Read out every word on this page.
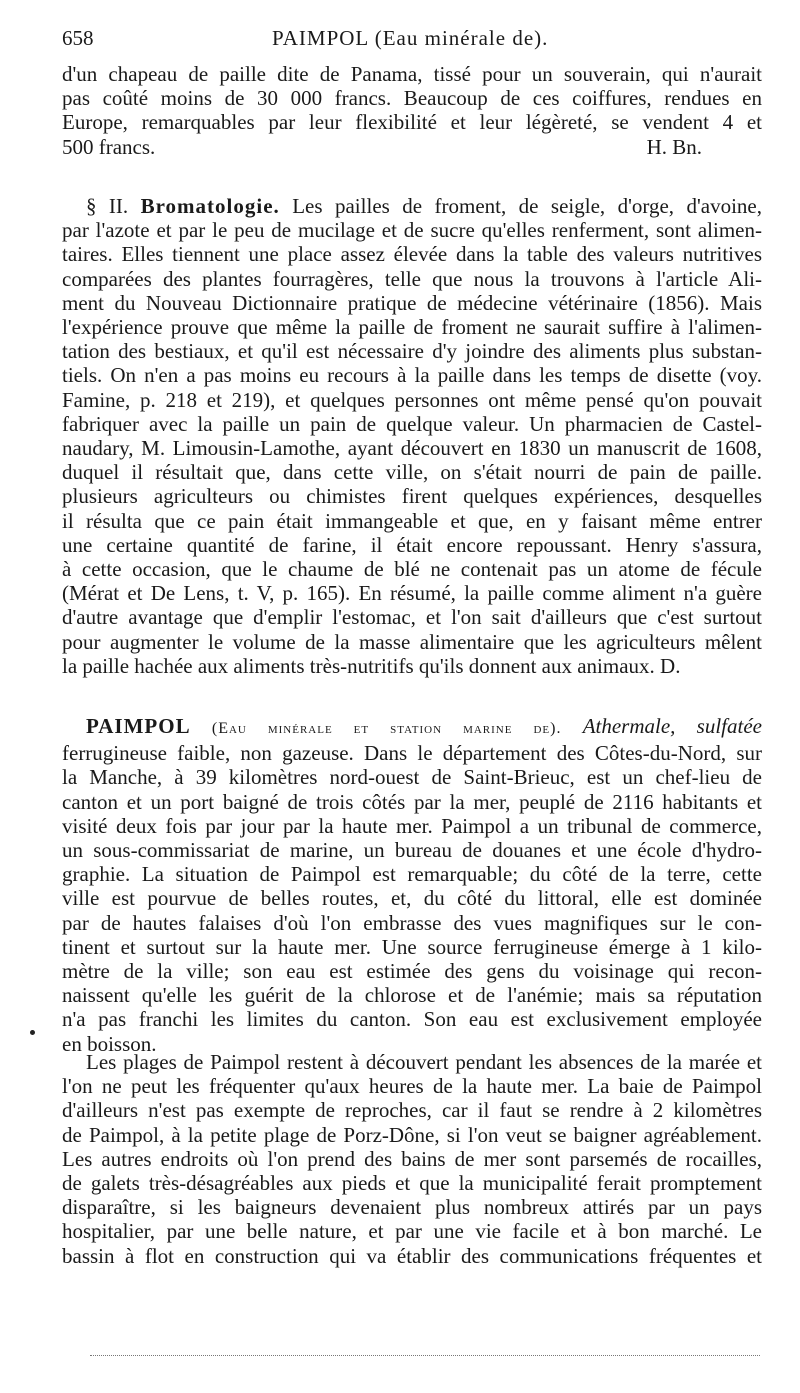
658	PAIMPOL (Eau minérale de).
d'un chapeau de paille dite de Panama, tissé pour un souverain, qui n'aurait
pas coûté moins de 30 000 francs. Beaucoup de ces coiffures, rendues en
Europe, remarquables par leur flexibilité et leur légèreté, se vendent 4 et
500 francs.	H. Bn.
§ II. Bromatologie. Les pailles de froment, de seigle, d'orge, d'avoine,
par l'azote et par le peu de mucilage et de sucre qu'elles renferment, sont alimen-
taires. Elles tiennent une place assez élevée dans la table des valeurs nutritives
comparées des plantes fourragères, telle que nous la trouvons à l'article Ali-
ment du Nouveau Dictionnaire pratique de médecine vétérinaire (1856). Mais
l'expérience prouve que même la paille de froment ne saurait suffire à l'alimen-
tation des bestiaux, et qu'il est nécessaire d'y joindre des aliments plus substan-
tiels. On n'en a pas moins eu recours à la paille dans les temps de disette (voy.
Famine, p. 218 et 219), et quelques personnes ont même pensé qu'on pouvait
fabriquer avec la paille un pain de quelque valeur. Un pharmacien de Castel-
naudary, M. Limousin-Lamothe, ayant découvert en 1830 un manuscrit de 1608,
duquel il résultait que, dans cette ville, on s'était nourri de pain de paille.
plusieurs agriculteurs ou chimistes firent quelques expériences, desquelles
il résulta que ce pain était immangeable et que, en y faisant même entrer
une certaine quantité de farine, il était encore repoussant. Henry s'assura,
à cette occasion, que le chaume de blé ne contenait pas un atome de fécule
(Mérat et De Lens, t. V, p. 165). En résumé, la paille comme aliment n'a guère
d'autre avantage que d'emplir l'estomac, et l'on sait d'ailleurs que c'est surtout
pour augmenter le volume de la masse alimentaire que les agriculteurs mêlent
la paille hachée aux aliments très-nutritifs qu'ils donnent aux animaux. D.
PAIMPOL (Eau minérale et station marine de). Athermale, sulfatée
ferrugineuse faible, non gazeuse. Dans le département des Côtes-du-Nord, sur
la Manche, à 39 kilomètres nord-ouest de Saint-Brieuc, est un chef-lieu de
canton et un port baigné de trois côtés par la mer, peuplé de 2116 habitants et
visité deux fois par jour par la haute mer. Paimpol a un tribunal de commerce,
un sous-commissariat de marine, un bureau de douanes et une école d'hydro-
graphie. La situation de Paimpol est remarquable; du côté de la terre, cette
ville est pourvue de belles routes, et, du côté du littoral, elle est dominée
par de hautes falaises d'où l'on embrasse des vues magnifiques sur le con-
tinent et surtout sur la haute mer. Une source ferrugineuse émerge à 1 kilo-
mètre de la ville; son eau est estimée des gens du voisinage qui recon-
naissent qu'elle les guérit de la chlorose et de l'anémie; mais sa réputation
n'a pas franchi les limites du canton. Son eau est exclusivement employée
en boisson.
Les plages de Paimpol restent à découvert pendant les absences de la marée et
l'on ne peut les fréquenter qu'aux heures de la haute mer. La baie de Paimpol
d'ailleurs n'est pas exempte de reproches, car il faut se rendre à 2 kilomètres
de Paimpol, à la petite plage de Porz-Dône, si l'on veut se baigner agréablement.
Les autres endroits où l'on prend des bains de mer sont parsemés de rocailles,
de galets très-désagréables aux pieds et que la municipalité ferait promptement
disparaître, si les baigneurs devenaient plus nombreux attirés par un pays
hospitalier, par une belle nature, et par une vie facile et à bon marché. Le
bassin à flot en construction qui va établir des communications fréquentes et
